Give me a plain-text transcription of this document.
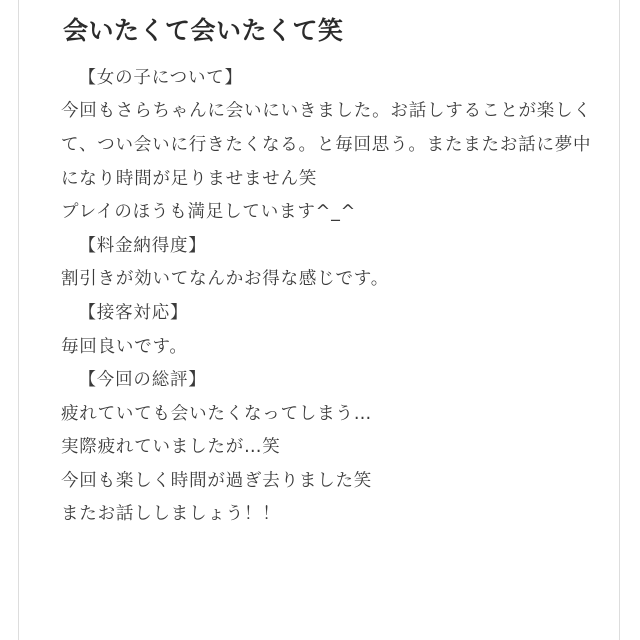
会いたくて会いたくて笑

【女の子について】

今回もさらちゃんに会いにいきました。お話しすることが楽しくて、つい会いに行きたくなる。と毎回思う。またまたお話に夢中になり時間が足りませません笑

プレイのほうも満足しています^_^

【料金納得度】

割引きが効いてなんかお得な感じです。

【接客対応】

毎回良いです。

【今回の総評】

疲れていても会いたくなってしまう…

実際疲れていましたが…笑

今回も楽しく時間が過ぎ去りました笑

またお話ししましょう！！
